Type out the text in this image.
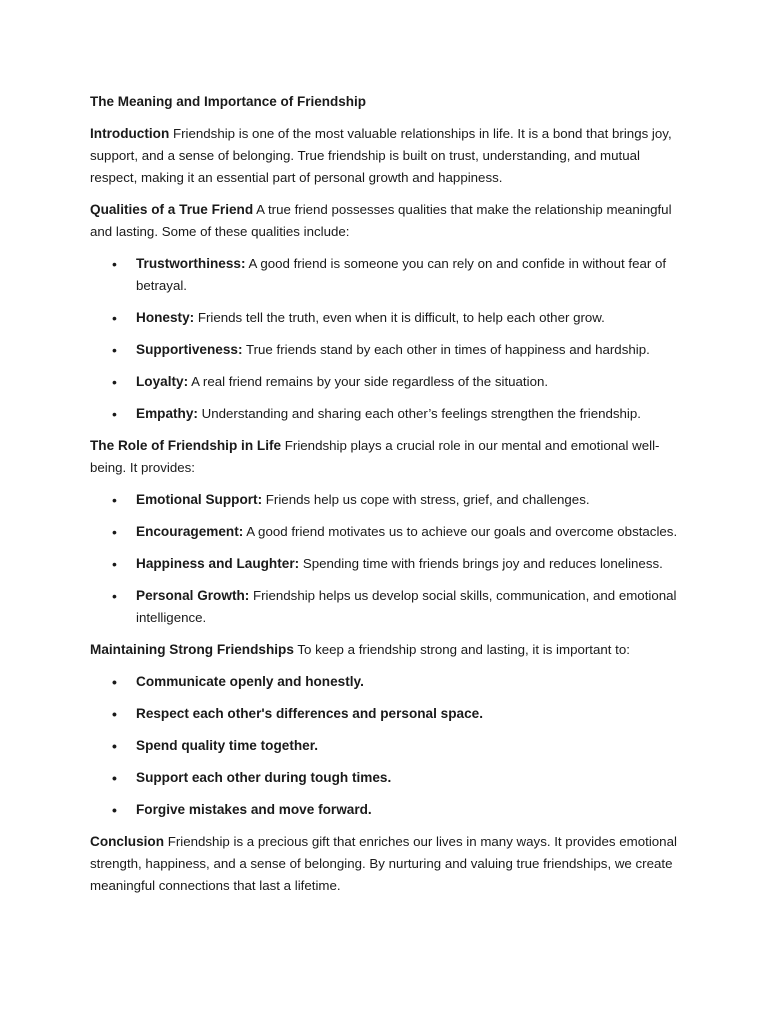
The Meaning and Importance of Friendship

Introduction Friendship is one of the most valuable relationships in life. It is a bond that brings joy, support, and a sense of belonging. True friendship is built on trust, understanding, and mutual respect, making it an essential part of personal growth and happiness.

Qualities of a True Friend A true friend possesses qualities that make the relationship meaningful and lasting. Some of these qualities include:

• Trustworthiness: A good friend is someone you can rely on and confide in without fear of betrayal.
• Honesty: Friends tell the truth, even when it is difficult, to help each other grow.
• Supportiveness: True friends stand by each other in times of happiness and hardship.
• Loyalty: A real friend remains by your side regardless of the situation.
• Empathy: Understanding and sharing each other’s feelings strengthen the friendship.

The Role of Friendship in Life Friendship plays a crucial role in our mental and emotional well-being. It provides:

• Emotional Support: Friends help us cope with stress, grief, and challenges.
• Encouragement: A good friend motivates us to achieve our goals and overcome obstacles.
• Happiness and Laughter: Spending time with friends brings joy and reduces loneliness.
• Personal Growth: Friendship helps us develop social skills, communication, and emotional intelligence.

Maintaining Strong Friendships To keep a friendship strong and lasting, it is important to:

• Communicate openly and honestly.
• Respect each other's differences and personal space.
• Spend quality time together.
• Support each other during tough times.
• Forgive mistakes and move forward.

Conclusion Friendship is a precious gift that enriches our lives in many ways. It provides emotional strength, happiness, and a sense of belonging. By nurturing and valuing true friendships, we create meaningful connections that last a lifetime.
